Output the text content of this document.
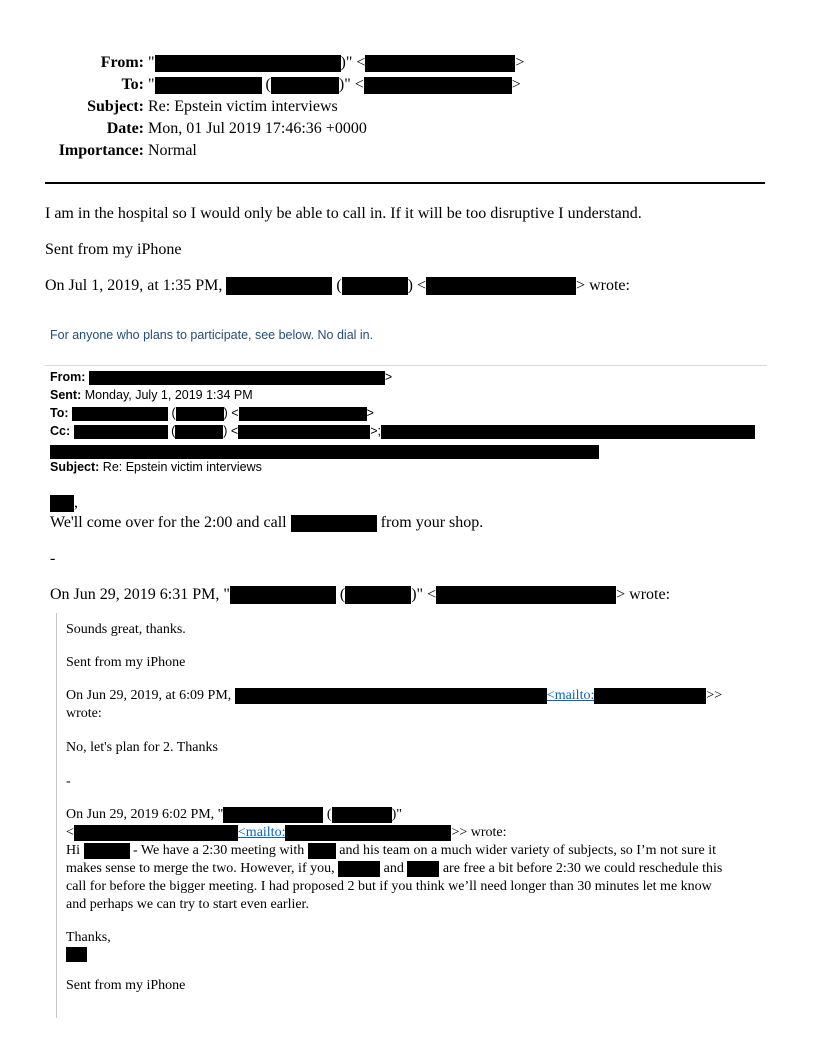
From: "	)" <	>
To: "	(	)" <	>
Subject: Re: Epstein victim interviews
Date: Mon, 01 Jul 2019 17:46:36 +0000
Importance: Normal
I am in the hospital so I would only be able to call in. If it will be too disruptive I understand.
Sent from my iPhone
On Jul 1, 2019, at 1:35 PM,	(	) <	> wrote:
For anyone who plans to participate, see below. No dial in.
From:	>
Sent: Monday, July 1, 2019 1:34 PM
To:	(	) <	>
Cc:	(	) <	>;
Subject: Re: Epstein victim interviews
,
We'll come over for the 2:00 and call	from your shop.
-
On Jun 29, 2019 6:31 PM, "	(	)" <	> wrote:
Sounds great, thanks.
Sent from my iPhone
On Jun 29, 2019, at 6:09 PM,	<mailto:	>>
wrote:
No, let's plan for 2. Thanks
-
On Jun 29, 2019 6:02 PM, "	(	)"
<	<mailto:	>> wrote:
Hi	- We have a 2:30 meeting with	and his team on a much wider variety of subjects, so I’m not sure it
makes sense to merge the two. However, if you,	and	are free a bit before 2:30 we could reschedule this
call for before the bigger meeting. I had proposed 2 but if you think we’ll need longer than 30 minutes let me know
and perhaps we can try to start even earlier.
Thanks,
Sent from my iPhone
